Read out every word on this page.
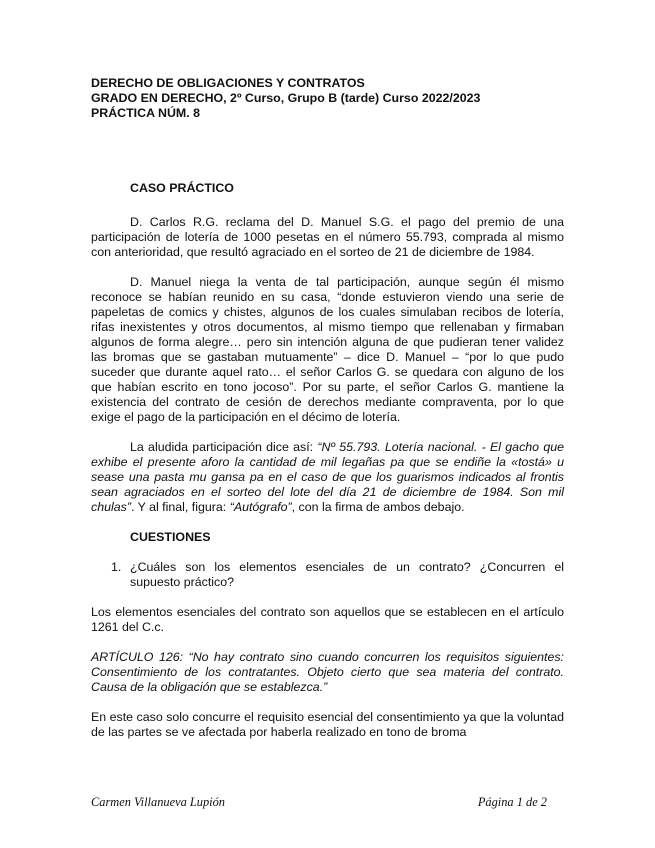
DERECHO DE OBLIGACIONES Y CONTRATOS
GRADO EN DERECHO, 2º Curso, Grupo B (tarde) Curso 2022/2023
PRÁCTICA NÚM. 8
CASO PRÁCTICO

D. Carlos R.G. reclama del D. Manuel S.G. el pago del premio de una participación de lotería de 1000 pesetas en el número 55.793, comprada al mismo con anterioridad, que resultó agraciado en el sorteo de 21 de diciembre de 1984.

D. Manuel niega la venta de tal participación, aunque según él mismo reconoce se habían reunido en su casa, “donde estuvieron viendo una serie de papeletas de comics y chistes, algunos de los cuales simulaban recibos de lotería, rifas inexistentes y otros documentos, al mismo tiempo que rellenaban y firmaban algunos de forma alegre… pero sin intención alguna de que pudieran tener validez las bromas que se gastaban mutuamente” – dice D. Manuel – “por lo que pudo suceder que durante aquel rato… el señor Carlos G. se quedara con alguno de los que habían escrito en tono jocoso”. Por su parte, el señor Carlos G. mantiene la existencia del contrato de cesión de derechos mediante compraventa, por lo que exige el pago de la participación en el décimo de lotería.

La aludida participación dice así: “Nº 55.793. Lotería nacional. - El gacho que exhibe el presente aforo la cantidad de mil legañas pa que se endiñe la «tostá» u sease una pasta mu gansa pa en el caso de que los guarismos indicados al frontis sean agraciados en el sorteo del lote del día 21 de diciembre de 1984. Son mil chulas”. Y al final, figura: “Autógrafo”, con la firma de ambos debajo.

CUESTIONES
1. ¿Cuáles son los elementos esenciales de un contrato? ¿Concurren el supuesto práctico?

Los elementos esenciales del contrato son aquellos que se establecen en el artículo 1261 del C.c.

ARTÍCULO 126: “No hay contrato sino cuando concurren los requisitos siguientes: Consentimiento de los contratantes. Objeto cierto que sea materia del contrato. Causa de la obligación que se establezca.”

En este caso solo concurre el requisito esencial del consentimiento ya que la voluntad de las partes se ve afectada por haberla realizado en tono de broma

Carmen Villanueva Lupión	Página 1 de 2
